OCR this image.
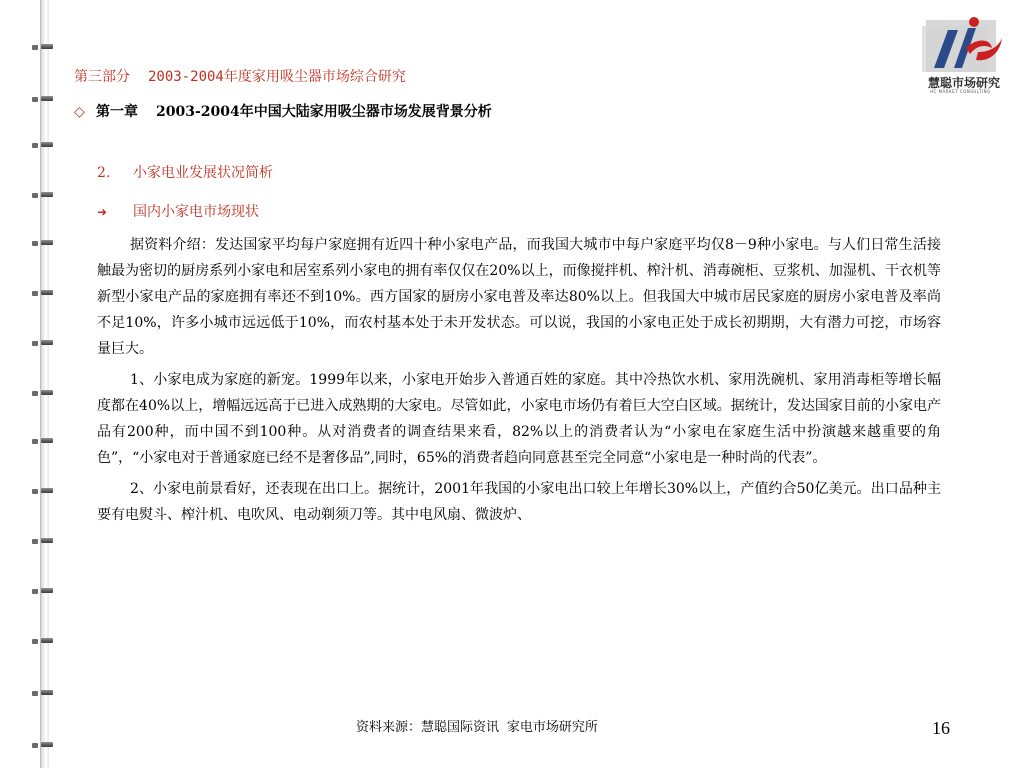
慧聪市场研究
HC MARKET CONSULTING
第三部分 2003-2004年度家用吸尘器市场综合研究
◇ 第一章 2003-2004年中国大陆家用吸尘器市场发展背景分析
2. 小家电业发展状况简析
➜ 国内小家电市场现状

据资料介绍：发达国家平均每户家庭拥有近四十种小家电产品，而我国大城市中每户家庭平均仅8－9种小家电。与人们日常生活接触最为密切的厨房系列小家电和居室系列小家电的拥有率仅仅在20%以上，而像搅拌机、榨汁机、消毒碗柜、豆浆机、加湿机、干衣机等新型小家电产品的家庭拥有率还不到10%。西方国家的厨房小家电普及率达80%以上。但我国大中城市居民家庭的厨房小家电普及率尚不足10%，许多小城市远远低于10%，而农村基本处于未开发状态。可以说，我国的小家电正处于成长初期期，大有潜力可挖，市场容量巨大。

1、小家电成为家庭的新宠。1999年以来，小家电开始步入普通百姓的家庭。其中冷热饮水机、家用洗碗机、家用消毒柜等增长幅度都在40%以上，增幅远远高于已进入成熟期的大家电。尽管如此，小家电市场仍有着巨大空白区域。据统计，发达国家目前的小家电产品有200种，而中国不到100种。从对消费者的调查结果来看，82%以上的消费者认为“小家电在家庭生活中扮演越来越重要的角色”，“小家电对于普通家庭已经不是奢侈品”,同时，65%的消费者趋向同意甚至完全同意“小家电是一种时尚的代表”。

2、小家电前景看好，还表现在出口上。据统计，2001年我国的小家电出口较上年增长30%以上，产值约合50亿美元。出口品种主要有电熨斗、榨汁机、电吹风、电动剃须刀等。其中电风扇、微波炉、

资料来源：慧聪国际资讯 家电市场研究所	16
